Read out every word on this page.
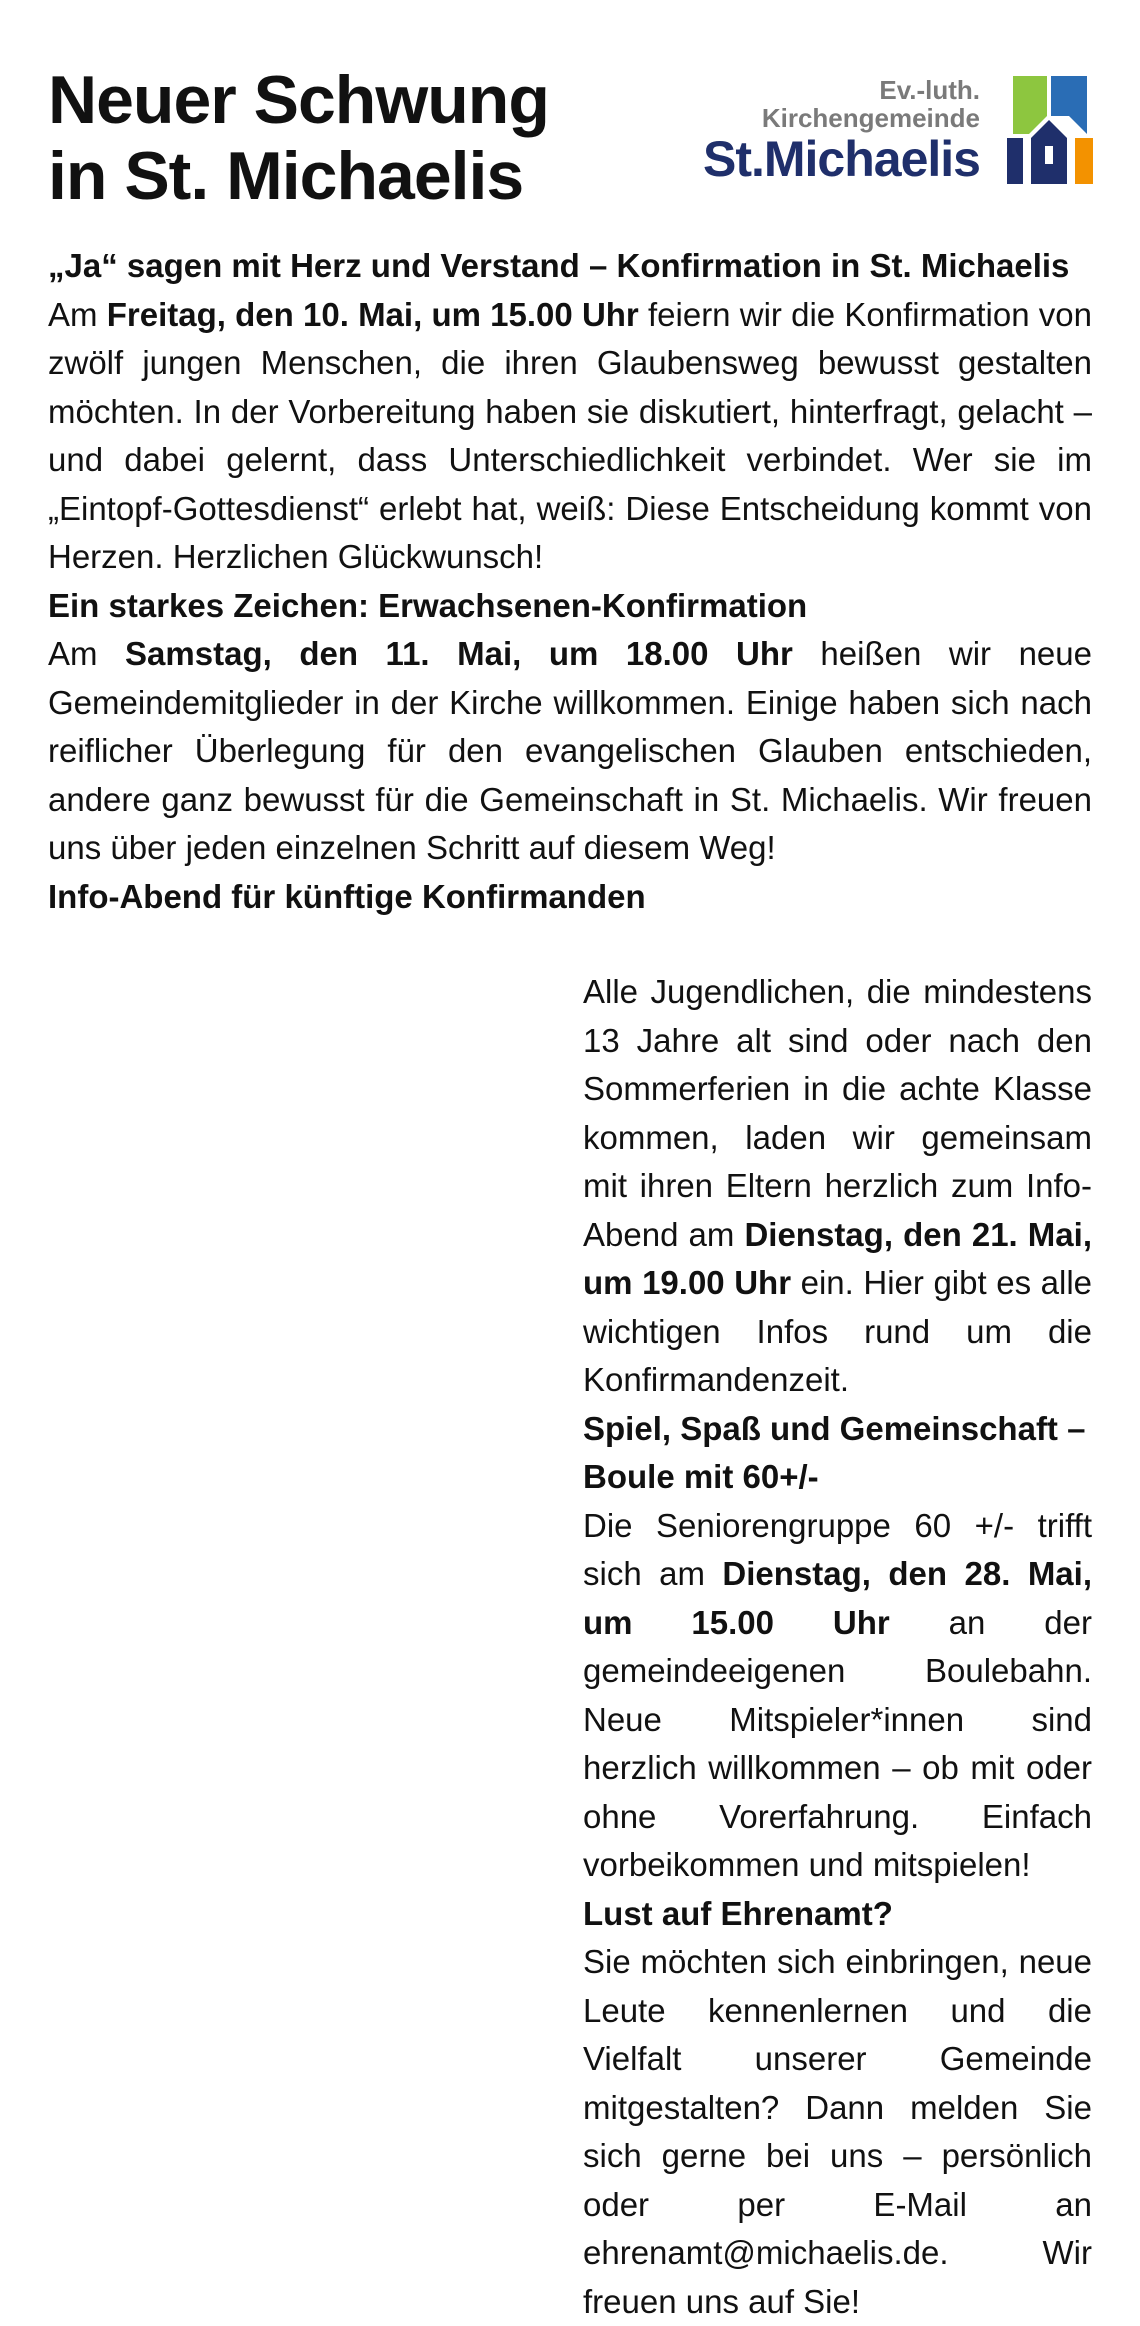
Neuer Schwung
in St. Michaelis
Ev.-luth.
Kirchengemeinde
St.Michaelis
„Ja“ sagen mit Herz und Verstand – Konfirmation in St. Michaelis

Am Freitag, den 10. Mai, um 15.00 Uhr feiern wir die Konfirmation von zwölf jungen Menschen, die ihren Glaubensweg bewusst gestalten möchten. In der Vorbereitung haben sie diskutiert, hinterfragt, gelacht – und dabei gelernt, dass Unterschiedlichkeit verbindet. Wer sie im „Eintopf-Gottesdienst“ erlebt hat, weiß: Diese Entscheidung kommt von Herzen. Herzlichen Glückwunsch!

Ein starkes Zeichen: Erwachsenen-Konfirmation

Am Samstag, den 11. Mai, um 18.00 Uhr heißen wir neue Gemeindemitglieder in der Kirche willkommen. Einige haben sich nach reiflicher Überlegung für den evangelischen Glauben entschieden, andere ganz bewusst für die Gemeinschaft in St. Michaelis. Wir freuen uns über jeden einzelnen Schritt auf diesem Weg!

Info-Abend für künftige Konfirmanden

Alle Jugendlichen, die mindestens 13 Jahre alt sind oder nach den Sommerferien in die achte Klasse kommen, laden wir gemeinsam mit ihren Eltern herzlich zum Info-Abend am Dienstag, den 21. Mai, um 19.00 Uhr ein. Hier gibt es alle wichtigen Infos rund um die Konfirmandenzeit.

Spiel, Spaß und Gemeinschaft – Boule mit 60+/-

Die Seniorengruppe 60 +/- trifft sich am Dienstag, den 28. Mai, um 15.00 Uhr an der gemeindeeigenen Boulebahn. Neue Mitspieler*innen sind herzlich willkommen – ob mit oder ohne Vorerfahrung. Einfach vorbeikommen und mitspielen!

Lust auf Ehrenamt?

Sie möchten sich einbringen, neue Leute kennenlernen und die Vielfalt unserer Gemeinde mitgestalten? Dann melden Sie sich gerne bei uns – persönlich oder per E-Mail an ehrenamt@michaelis.de. Wir freuen uns auf Sie!
